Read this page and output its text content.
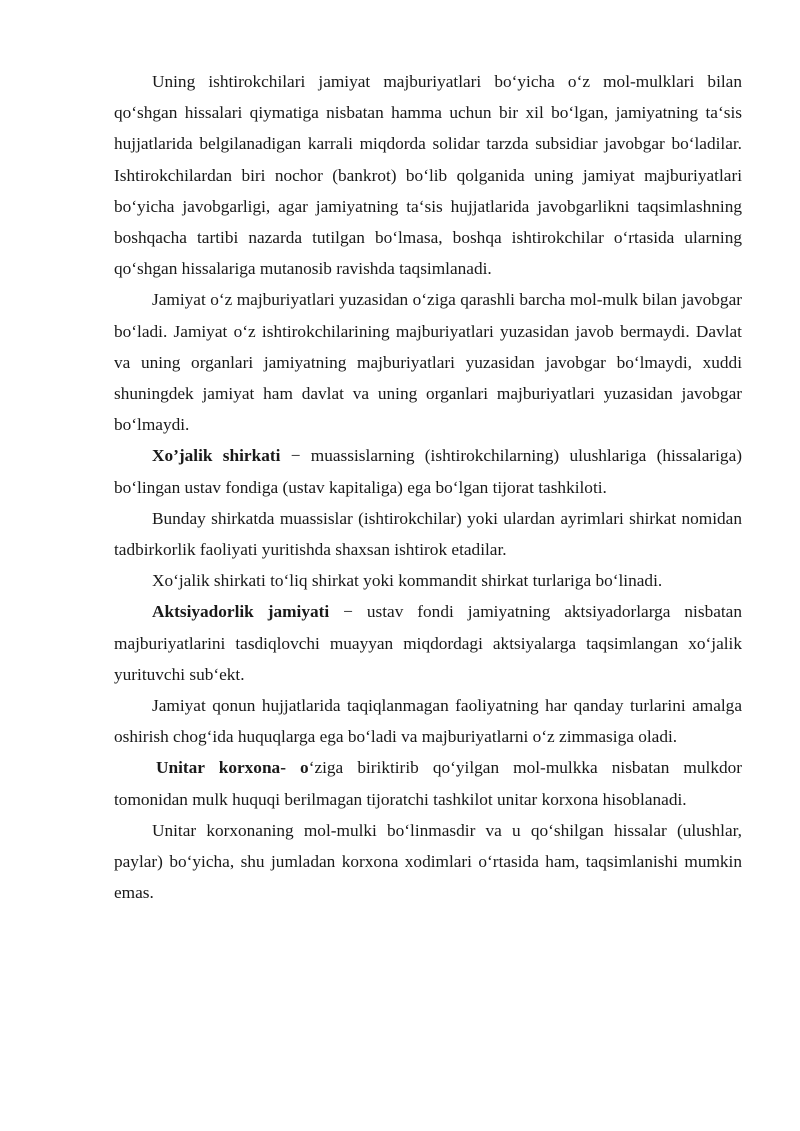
Uning ishtirokchilari jamiyat majburiyatlari bo‘yicha o‘z mol-mulklari bilan qo‘shgan hissalari qiymatiga nisbatan hamma uchun bir xil bo‘lgan, jamiyatning ta‘sis hujjatlarida belgilanadigan karrali miqdorda solidar tarzda subsidiar javobgar bo‘ladilar. Ishtirokchilardan biri nochor (bankrot) bo‘lib qolganida uning jamiyat majburiyatlari bo‘yicha javobgarligi, agar jamiyatning ta‘sis hujjatlarida javobgarlikni taqsimlashning boshqacha tartibi nazarda tutilgan bo‘lmasa, boshqa ishtirokchilar o‘rtasida ularning qo‘shgan hissalariga mutanosib ravishda taqsimlanadi.

Jamiyat o‘z majburiyatlari yuzasidan o‘ziga qarashli barcha mol-mulk bilan javobgar bo‘ladi. Jamiyat o‘z ishtirokchilarining majburiyatlari yuzasidan javob bermaydi. Davlat va uning organlari jamiyatning majburiyatlari yuzasidan javobgar bo‘lmaydi, xuddi shuningdek jamiyat ham davlat va uning organlari majburiyatlari yuzasidan javobgar bo‘lmaydi.

Xo’jalik shirkati − muassislarning (ishtirokchilarning) ulushlariga (hissalariga) bo‘lingan ustav fondiga (ustav kapitaliga) ega bo‘lgan tijorat tashkiloti.

Bunday shirkatda muassislar (ishtirokchilar) yoki ulardan ayrimlari shirkat nomidan tadbirkorlik faoliyati yuritishda shaxsan ishtirok etadilar.

Xo‘jalik shirkati to‘liq shirkat yoki kommandit shirkat turlariga bo‘linadi.

Aktsiyadorlik jamiyati − ustav fondi jamiyatning aktsiyadorlarga nisbatan majburiyatlarini tasdiqlovchi muayyan miqdordagi aktsiyalarga taqsimlangan xo‘jalik yurituvchi sub‘ekt.

Jamiyat qonun hujjatlarida taqiqlanmagan faoliyatning har qanday turlarini amalga oshirish chog‘ida huquqlarga ega bo‘ladi va majburiyatlarni o‘z zimmasiga oladi.

Unitar korxona- o‘ziga biriktirib qo‘yilgan mol-mulkka nisbatan mulkdor tomonidan mulk huquqi berilmagan tijoratchi tashkilot unitar korxona hisoblanadi.

Unitar korxonaning mol-mulki bo‘linmasdir va u qo‘shilgan hissalar (ulushlar, paylar) bo‘yicha, shu jumladan korxona xodimlari o‘rtasida ham, taqsimlanishi mumkin emas.
